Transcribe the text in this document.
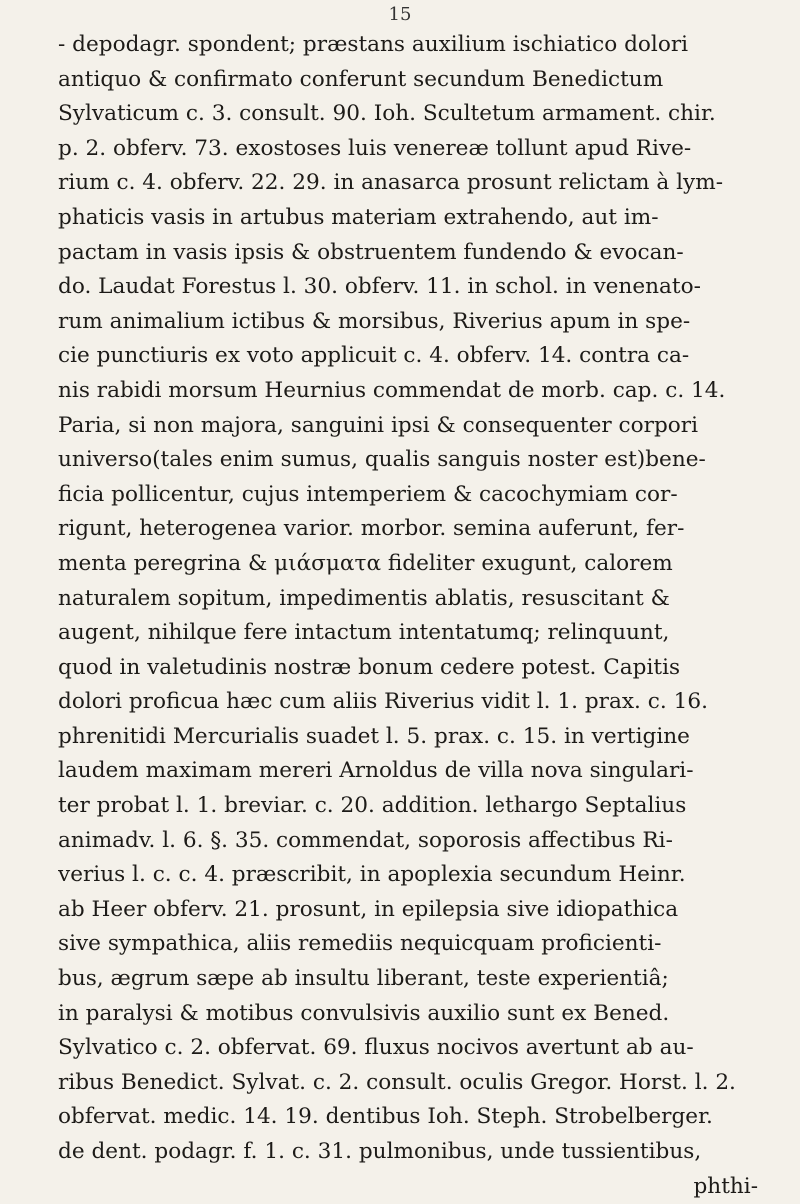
15
- depodagr. spondent; præstans auxilium ischiatico dolori
antiquo & confirmato conferunt secundum Benedictum
Sylvaticum c. 3. consult. 90. Ioh. Scultetum armament. chir.
p. 2. obferv. 73. exostoses luis venereæ tollunt apud Rive-
rium c. 4. obferv. 22. 29. in anasarca prosunt relictam à lym-
phaticis vasis in artubus materiam extrahendo, aut im-
pactam in vasis ipsis & obstruentem fundendo & evocan-
do. Laudat Forestus l. 30. obferv. 11. in schol. in venenato-
rum animalium ictibus & morsibus, Riverius apum in spe-
cie punctiuris ex voto applicuit c. 4. obferv. 14. contra ca-
nis rabidi morsum Heurnius commendat de morb. cap. c. 14.
Paria, si non majora, sanguini ipsi & consequenter corpori
universo(tales enim sumus, qualis sanguis noster est)bene-
ficia pollicentur, cujus intemperiem & cacochymiam cor-
rigunt, heterogenea varior. morbor. semina auferunt, fer-
menta peregrina & μιάσματα fideliter exugunt, calorem
naturalem sopitum, impedimentis ablatis, resuscitant &
augent, nihilque fere intactum intentatumq; relinquunt,
quod in valetudinis nostræ bonum cedere potest. Capitis
dolori proficua hæc cum aliis Riverius vidit l. 1. prax. c. 16.
phrenitidi Mercurialis suadet l. 5. prax. c. 15. in vertigine
laudem maximam mereri Arnoldus de villa nova singulari-
ter probat l. 1. breviar. c. 20. addition. lethargo Septalius
animadv. l. 6. §. 35. commendat, soporosis affectibus Ri-
verius l. c. c. 4. præscribit, in apoplexia secundum Heinr.
ab Heer obferv. 21. prosunt, in epilepsia sive idiopathica
sive sympathica, aliis remediis nequicquam proficienti-
bus, ægrum sæpe ab insultu liberant, teste experientiâ;
in paralysi & motibus convulsivis auxilio sunt ex Bened.
Sylvatico c. 2. obfervat. 69. fluxus nocivos avertunt ab au-
ribus Benedict. Sylvat. c. 2. consult. oculis Gregor. Horst. l. 2.
obfervat. medic. 14. 19. dentibus Ioh. Steph. Strobelberger.
de dent. podagr. f. 1. c. 31. pulmonibus, unde tussientibus,
phthi-
